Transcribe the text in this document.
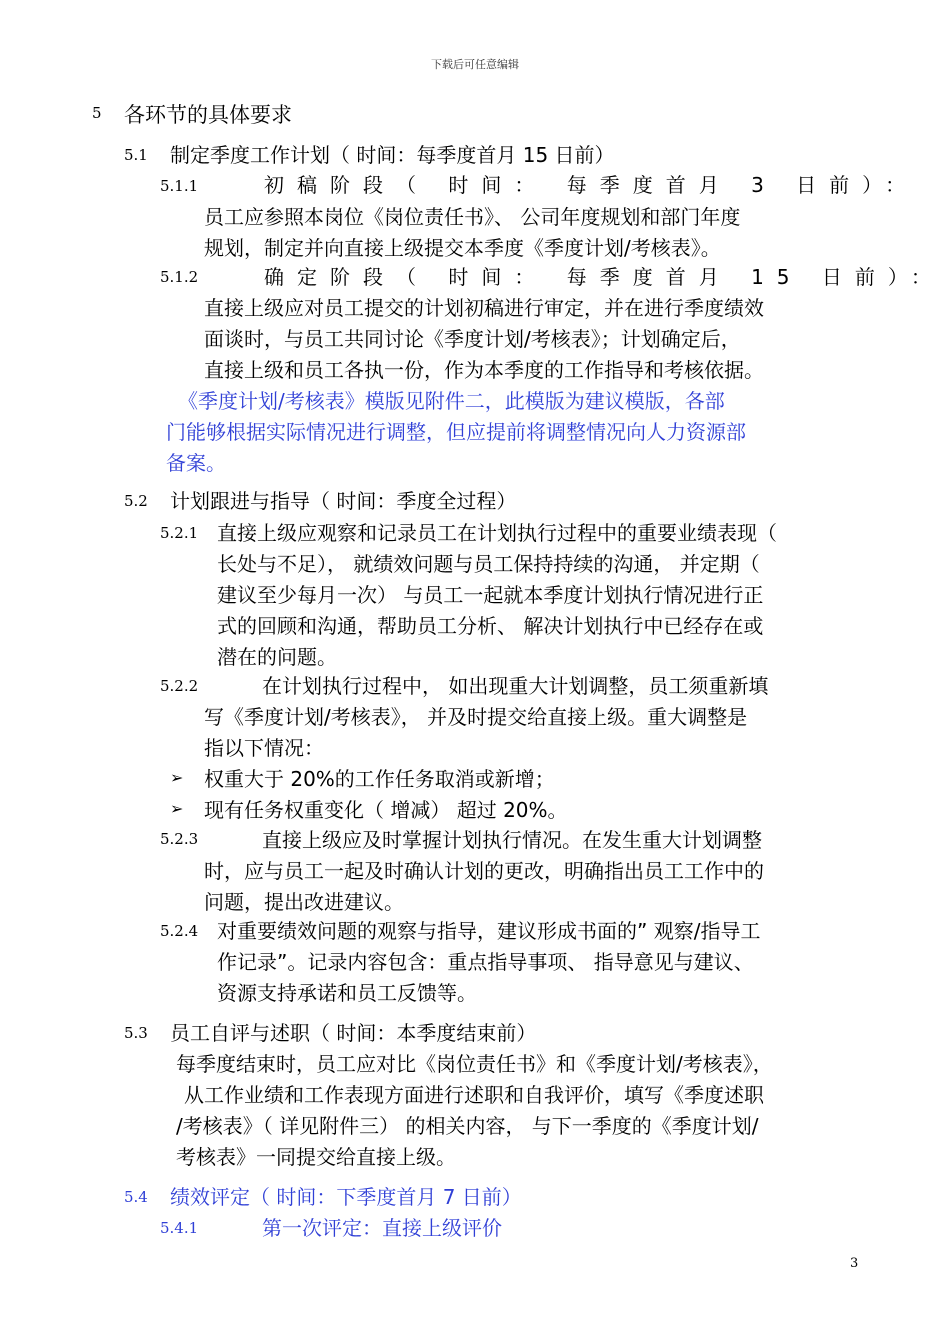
下载后可任意编辑
5 各环节的具体要求
5.1 制定季度工作计划（ 时间：每季度首月 15 日前）
5.1.1	初稿阶段（ 时间： 每季度首月 3 日前）：
员工应参照本岗位《岗位责任书》、 公司年度规划和部门年度
规划，制定并向直接上级提交本季度《季度计划/考核表》。
5.1.2	确定阶段（ 时间： 每季度首月 15 日前）：
直接上级应对员工提交的计划初稿进行审定，并在进行季度绩效
面谈时，与员工共同讨论《季度计划/考核表》；计划确定后，
直接上级和员工各执一份，作为本季度的工作指导和考核依据。
《季度计划/考核表》模版见附件二，此模版为建议模版，各部
门能够根据实际情况进行调整，但应提前将调整情况向人力资源部
备案。
5.2 计划跟进与指导（ 时间：季度全过程）
5.2.1 直接上级应观察和记录员工在计划执行过程中的重要业绩表现（
长处与不足）， 就绩效问题与员工保持持续的沟通， 并定期（
建议至少每月一次） 与员工一起就本季度计划执行情况进行正
式的回顾和沟通，帮助员工分析、 解决计划执行中已经存在或
潜在的问题。
5.2.2	在计划执行过程中， 如出现重大计划调整，员工须重新填
写《季度计划/考核表》， 并及时提交给直接上级。重大调整是
指以下情况：
➢ 权重大于 20%的工作任务取消或新增；
➢ 现有任务权重变化（ 增减） 超过 20%。
5.2.3	直接上级应及时掌握计划执行情况。在发生重大计划调整
时，应与员工一起及时确认计划的更改，明确指出员工工作中的
问题，提出改进建议。
5.2.4 对重要绩效问题的观察与指导，建议形成书面的” 观察/指导工
作记录”。记录内容包含：重点指导事项、 指导意见与建议、
资源支持承诺和员工反馈等。
5.3 员工自评与述职（ 时间：本季度结束前）
每季度结束时，员工应对比《岗位责任书》和《季度计划/考核表》，
从工作业绩和工作表现方面进行述职和自我评价，填写《季度述职
/考核表》（ 详见附件三） 的相关内容， 与下一季度的《季度计划/
考核表》一同提交给直接上级。
5.4 绩效评定（ 时间：下季度首月 7 日前）
5.4.1	第一次评定：直接上级评价
3
